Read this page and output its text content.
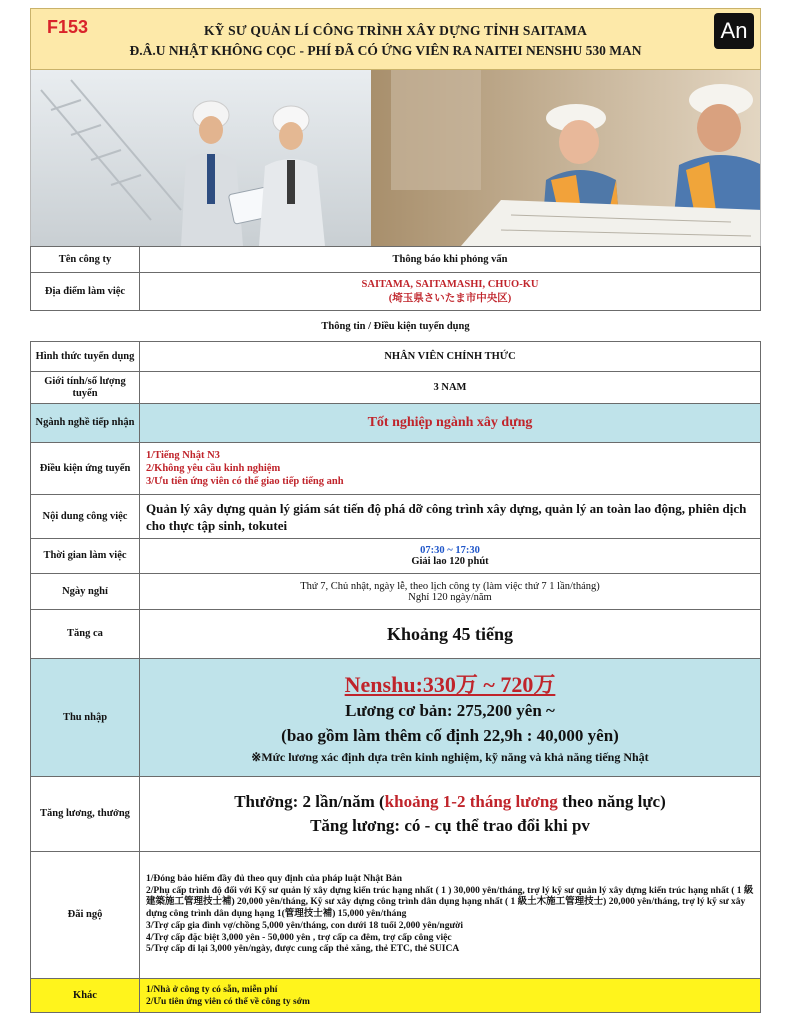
F153	KỸ SƯ QUẢN LÍ CÔNG TRÌNH XÂY DỰNG TỈNH SAITAMA
Đ.Â.U NHẬT KHÔNG CỌC - PHÍ ĐÃ CÓ ỨNG VIÊN RA NAITEI NENSHU 530 MAN
An
Tên công ty	Thông báo khi phỏng vấn
Địa điểm làm việc	SAITAMA, SAITAMASHI, CHUO-KU
(埼玉県さいたま市中央区)
Thông tin / Điều kiện tuyển dụng
Hình thức tuyển dụng	NHÂN VIÊN CHÍNH THỨC
Giới tính/số lượng tuyển	3 NAM
Ngành nghề tiếp nhận	Tốt nghiệp ngành xây dựng
Điều kiện ứng tuyển	1/Tiếng Nhật N3
2/Không yêu cầu kinh nghiệm
3/Ưu tiên ứng viên có thể giao tiếp tiếng anh

Nội dung công việc	Quản lý xây dựng quản lý giám sát tiến độ phá dỡ công trình xây dựng, quản lý an toàn lao động, phiên dịch cho thực tập sinh, tokutei
Thời gian làm việc	07:30 ~ 17:30
Giải lao 120 phút

Ngày nghỉ	Thứ 7, Chủ nhật, ngày lễ, theo lịch công ty (làm việc thứ 7 1 lần/tháng)
Nghỉ 120 ngày/năm

Tăng ca	Khoảng 45 tiếng
Thu nhập	Nenshu:330万 ~ 720万
Lương cơ bản: 275,200 yên ~
(bao gồm làm thêm cố định 22,9h : 40,000 yên)
※Mức lương xác định dựa trên kinh nghiệm, kỹ năng và khả năng tiếng Nhật

Tăng lương, thưởng	Thưởng: 2 lần/năm (khoảng 1-2 tháng lương theo năng lực)
Tăng lương: có - cụ thể trao đổi khi pv

Đãi ngộ	1/Đóng bảo hiểm đầy đủ theo quy định của pháp luật Nhật Bản
2/Phụ cấp trình độ đối với Kỹ sư quản lý xây dựng kiến trúc hạng nhất ( 1 ) 30,000 yên/tháng, trợ lý kỹ sư quản lý xây dựng kiến trúc hạng nhất ( 1 級建築施工管理技士補) 20,000 yên/tháng, Kỹ sư xây dựng công trình dân dụng hạng nhất ( 1 級土木施工管理技士) 20,000 yên/tháng, trợ lý kỹ sư xây dựng công trình dân dụng hạng 1(管理技士補) 15,000 yên/tháng
3/Trợ cấp gia đình vợ/chồng 5,000 yên/tháng, con dưới 18 tuổi 2,000 yên/người
4/Trợ cấp đặc biệt 3,000 yên - 50,000 yên , trợ cấp ca đêm, trợ cấp công việc
5/Trợ cấp đi lại 3,000 yên/ngày, được cung cấp thẻ xăng, thẻ ETC, thẻ SUICA

Khác	1/Nhà ở công ty có sẵn, miễn phí
2/Ưu tiên ứng viên có thể về công ty sớm
